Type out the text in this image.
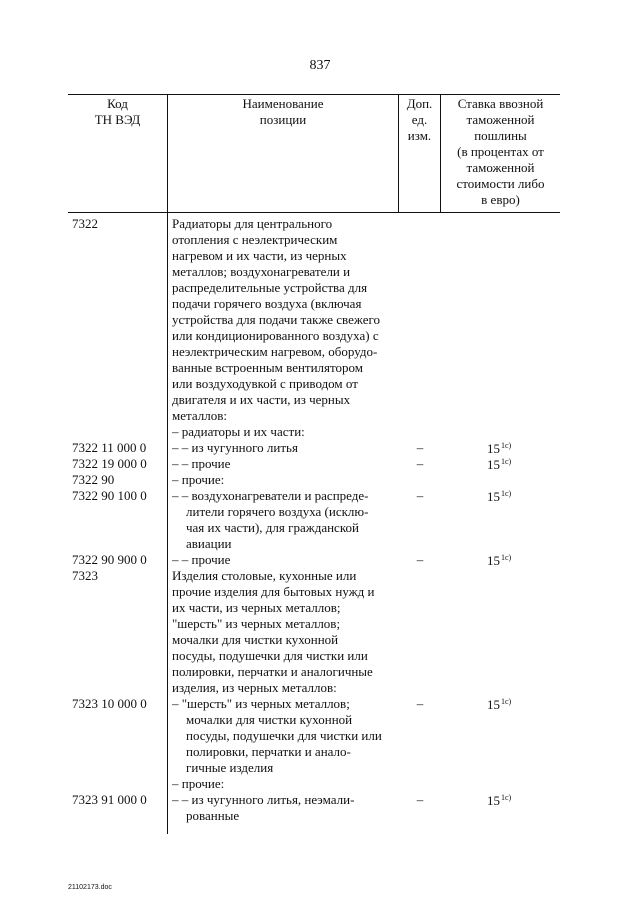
837
Код
ТН ВЭД
Наименование
позиции
Доп.
ед.
изм.
Ставка ввозной
таможенной
пошлины
(в процентах от
таможенной
стоимости либо
в евро)
7322	Радиаторы для центрального
отопления с неэлектрическим
нагревом и их части, из черных
металлов; воздухонагреватели и
распределительные устройства для
подачи горячего воздуха (включая
устройства для подачи также свежего
или кондиционированного воздуха) с
неэлектрическим нагревом, оборудо-
ванные встроенным вентилятором
или воздуходувкой с приводом от
двигателя и их части, из черных
металлов:
– радиаторы и их части:
7322 11 000 0 – – из чугунного литья	–	$15^{1с)}$
7322 19 000 0 – – прочие	–	$15^{1с)}$
7322 90	– прочие:
7322 90 100 0 – – воздухонагреватели и распреде-
лители горячего воздуха (исклю-
чая их части), для гражданской
авиации
–	$15^{1с)}$
7322 90 900 0 – – прочие	–	$15^{1с)}$
7323	Изделия столовые, кухонные или
прочие изделия для бытовых нужд и
их части, из черных металлов;
"шерсть" из черных металлов;
мочалки для чистки кухонной
посуды, подушечки для чистки или
полировки, перчатки и аналогичные
изделия, из черных металлов:
7323 10 000 0 – "шерсть" из черных металлов;
мочалки для чистки кухонной
посуды, подушечки для чистки или
полировки, перчатки и анало-
гичные изделия
–	$15^{1с)}$
– прочие:
7323 91 000 0 – – из чугунного литья, неэмали-
рованные
–	$15^{1с)}$
21102173.doc
